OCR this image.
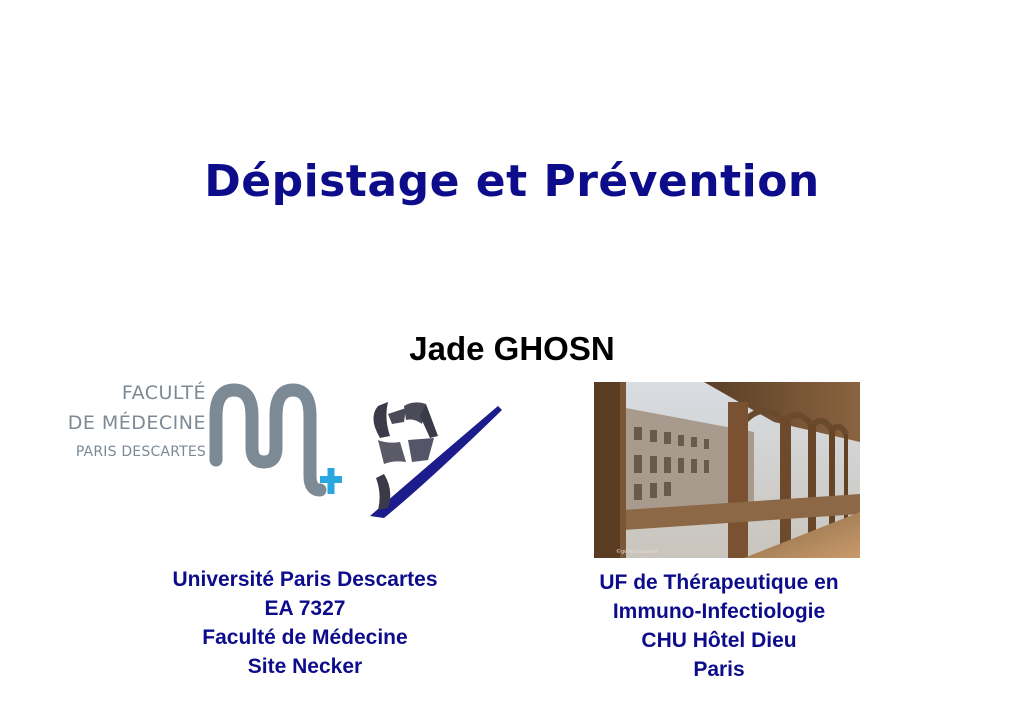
Dépistage et Prévention
Jade GHOSN
FACULTÉ
DE MÉDECINE
PARIS DESCARTES
©gérard Laurent
Université Paris Descartes
EA 7327
Faculté de Médecine
Site Necker
UF de Thérapeutique en
Immuno-Infectiologie
CHU Hôtel Dieu
Paris
